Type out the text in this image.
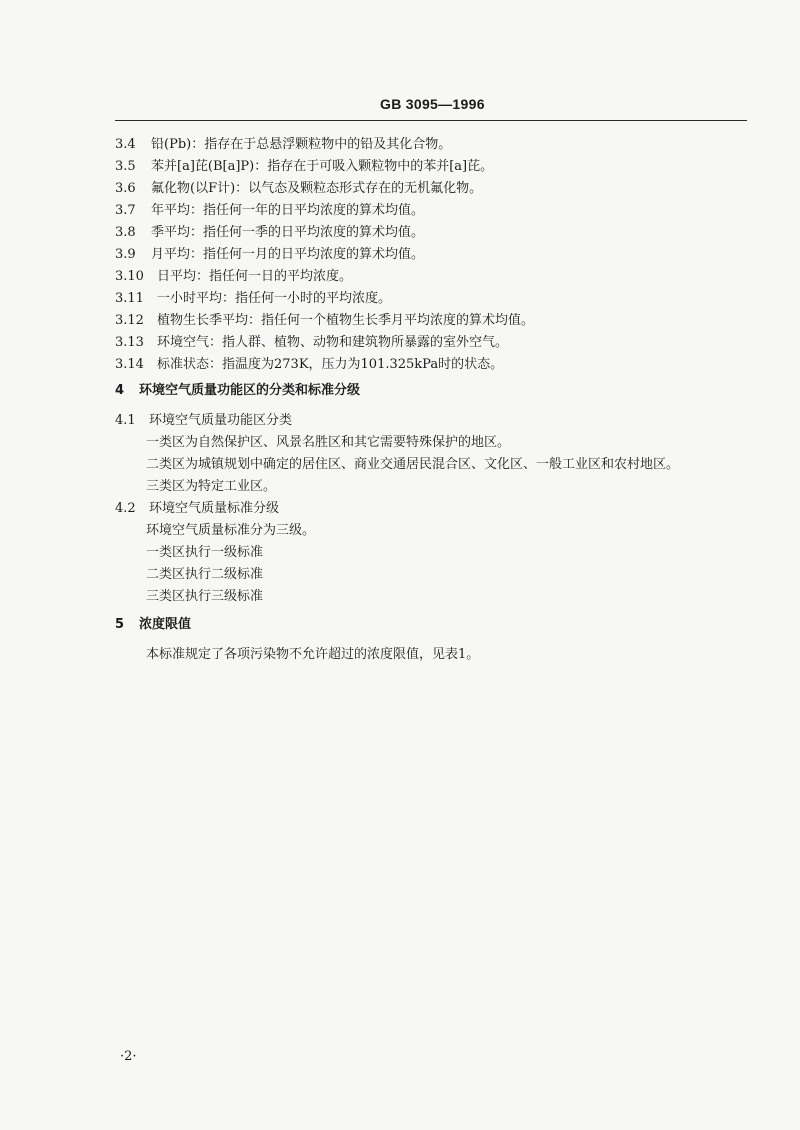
GB 3095—1996
3.4 铅(Pb)：指存在于总悬浮颗粒物中的铅及其化合物。
3.5 苯并[a]芘(B[a]P)：指存在于可吸入颗粒物中的苯并[a]芘。
3.6 氟化物(以F计)：以气态及颗粒态形式存在的无机氟化物。
3.7 年平均：指任何一年的日平均浓度的算术均值。
3.8 季平均：指任何一季的日平均浓度的算术均值。
3.9 月平均：指任何一月的日平均浓度的算术均值。
3.10 日平均：指任何一日的平均浓度。
3.11 一小时平均：指任何一小时的平均浓度。
3.12 植物生长季平均：指任何一个植物生长季月平均浓度的算术均值。
3.13 环境空气：指人群、植物、动物和建筑物所暴露的室外空气。
3.14 标准状态：指温度为273K，压力为101.325kPa时的状态。
4 环境空气质量功能区的分类和标准分级
4.1 环境空气质量功能区分类
一类区为自然保护区、风景名胜区和其它需要特殊保护的地区。
二类区为城镇规划中确定的居住区、商业交通居民混合区、文化区、一般工业区和农村地区。
三类区为特定工业区。
4.2 环境空气质量标准分级
环境空气质量标准分为三级。
一类区执行一级标准
二类区执行二级标准
三类区执行三级标准
5 浓度限值
本标准规定了各项污染物不允许超过的浓度限值，见表1。
·2·
